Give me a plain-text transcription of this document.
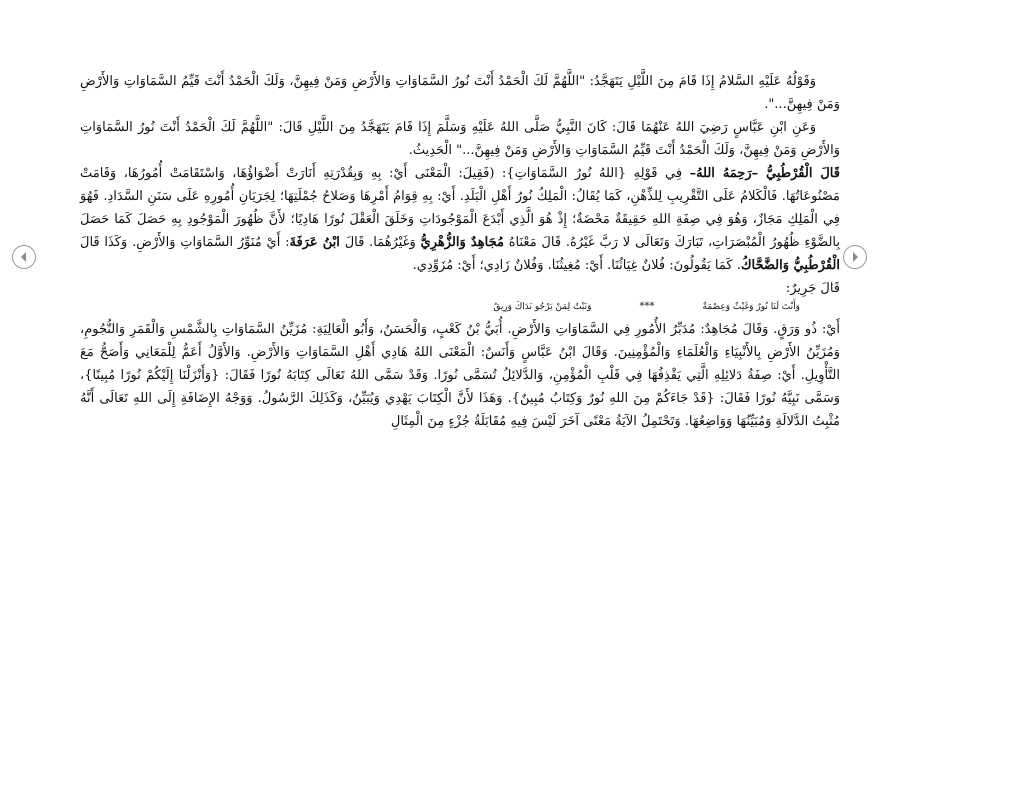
وَقَوْلُهُ عَلَيْهِ السَّلامُ إِذَا قَامَ مِنَ اللَّيْلِ يَتَهَجَّدُ: "اللَّهُمَّ لَكَ الْحَمْدُ أَنْتَ نُورُ السَّمَاوَاتِ وَالأَرْضِ وَمَنْ فِيهِنَّ، وَلَكَ الْحَمْدُ أَنْتَ قَيِّمُ السَّمَاوَاتِ وَالأَرْضِ وَمَنْ فِيهِنَّ...".

وَعَنِ ابْنِ عَبَّاسٍ رَضِيَ اللهُ عَنْهُمَا قَالَ: كَانَ النَّبِيُّ صَلَّى اللهُ عَلَيْهِ وَسَلَّمَ إِذَا قَامَ يَتَهَجَّدُ مِنَ اللَّيْلِ قَالَ: "اللَّهُمَّ لَكَ الْحَمْدُ أَنْتَ نُورُ السَّمَاوَاتِ وَالأَرْضِ وَمَنْ فِيهِنَّ، وَلَكَ الْحَمْدُ أَنْتَ قَيِّمُ السَّمَاوَاتِ وَالأَرْضِ وَمَنْ فِيهِنَّ..." الْحَدِيثُ.

قَالَ الْقُرْطُبِيُّ –رَحِمَهُ اللهُ– فِي قَوْلِهِ {اللهُ نُورُ السَّمَاوَاتِ}: (فَقِيلَ: الْمَعْنَى أَيْ: بِهِ وَبِقُدْرَتِهِ أَنَارَتْ أَضْوَاؤُهَا، وَاسْتَقَامَتْ أُمُورُهَا، وَقَامَتْ مَصْنُوعَاتُهَا. فَالْكَلامُ عَلَى التَّقْرِيبِ لِلذِّهْنِ، كَمَا يُقَالُ: الْمَلِكُ نُورُ أَهْلِ الْبَلَدِ. أَيْ: بِهِ قِوَامُ أَمْرِهَا وَصَلاحُ جُمْلَتِهَا؛ لِجَرَيَانِ أُمُورِهِ عَلَى سَنَنِ السَّدَادِ. فَهُوَ فِي الْمَلِكِ مَجَازٌ، وَهُوَ فِي صِفَةِ اللهِ حَقِيقَةٌ مَحْضَةٌ؛ إِذْ هُوَ الَّذِي أَبْدَعَ الْمَوْجُودَاتِ وَخَلَقَ الْعَقْلَ نُورًا هَادِيًا؛ لأَنَّ ظُهُورَ الْمَوْجُودِ بِهِ حَصَلَ كَمَا حَصَلَ بِالضَّوْءِ ظُهُورُ الْمُبْصَرَاتِ، تَبَارَكَ وَتَعَالَى لا رَبَّ غَيْرُهُ. قَالَ مَعْنَاهُ مُجَاهِدٌ وَالزُّهْرِيُّ وَغَيْرُهُمَا. قَالَ ابْنُ عَرَفَةَ: أَيْ مُنَوِّرُ السَّمَاوَاتِ وَالأَرْضِ. وَكَذَا قَالَ الْقُرْطُبِيُّ وَالضَّحَّاكُ. كَمَا يَقُولُونَ: فُلانٌ غِيَاثُنَا. أَيْ: مُغِيثُنَا. وَفُلانٌ زَادِي؛ أَيْ: مُزَوِّدِي.

قَالَ جَرِيرٌ:

وَأَنْتَ لَنَا نُورٌ وَغَيْثٌ وَعِصْمَةٌ
***
وَنَبْتٌ لِمَنْ يَرْجُو نَدَاكَ وَرِيقُ

أَيْ: ذُو وَرَقٍ. وَقَالَ مُجَاهِدٌ: مُدَبِّرُ الأُمُورِ فِي السَّمَاوَاتِ وَالأَرْضِ. أُبَيُّ بْنُ كَعْبٍ، وَالْحَسَنُ، وَأَبُو الْعَالِيَةِ: مُزَيِّنُ السَّمَاوَاتِ بِالشَّمْسِ وَالْقَمَرِ وَالنُّجُومِ، وَمُزَيِّنُ الأَرْضِ بِالأَنْبِيَاءِ وَالْعُلَمَاءِ وَالْمُؤْمِنِينَ. وَقَالَ ابْنُ عَبَّاسٍ وَأَنَسٌ: الْمَعْنَى اللهُ هَادِي أَهْلِ السَّمَاوَاتِ وَالأَرْضِ. وَالأَوَّلُ أَعَمُّ لِلْمَعَانِي وَأَصَحُّ مَعَ التَّأْوِيلِ. أَيْ: صِفَةُ دَلائِلِهِ الَّتِي يَقْذِفُهَا فِي قَلْبِ الْمُؤْمِنِ، وَالدَّلائِلُ تُسَمَّى نُورًا. وَقَدْ سَمَّى اللهُ تَعَالَى كِتَابَهُ نُورًا فَقَالَ: {وَأَنْزَلْنَا إِلَيْكُمْ نُورًا مُبِينًا}، وَسَمَّى نَبِيَّهُ نُورًا فَقَالَ: {قَدْ جَاءَكُمْ مِنَ اللهِ نُورٌ وَكِتَابٌ مُبِينٌ}. وَهَذَا لأَنَّ الْكِتَابَ يَهْدِي وَيُبَيِّنُ، وَكَذَلِكَ الرَّسُولُ. وَوَجْهُ الإِضَافَةِ إِلَى اللهِ تَعَالَى أَنَّهُ مُثْبِتُ الدَّلالَةِ وَمُبَيِّنُهَا وَوَاضِعُهَا. وَتَحْتَمِلُ الآيَةُ مَعْنًى آخَرَ لَيْسَ فِيهِ مُقَابَلَةُ جُزْءٍ مِنَ الْمِثَالِ
